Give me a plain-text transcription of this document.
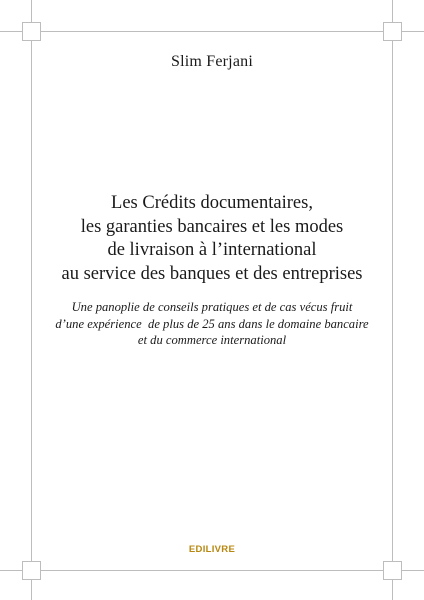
Slim Ferjani
Les Crédits documentaires,
les garanties bancaires et les modes
de livraison à l’international
au service des banques et des entreprises
Une panoplie de conseils pratiques et de cas vécus fruit
d’une expérience  de plus de 25 ans dans le domaine bancaire
et du commerce international
EDILIVRE
